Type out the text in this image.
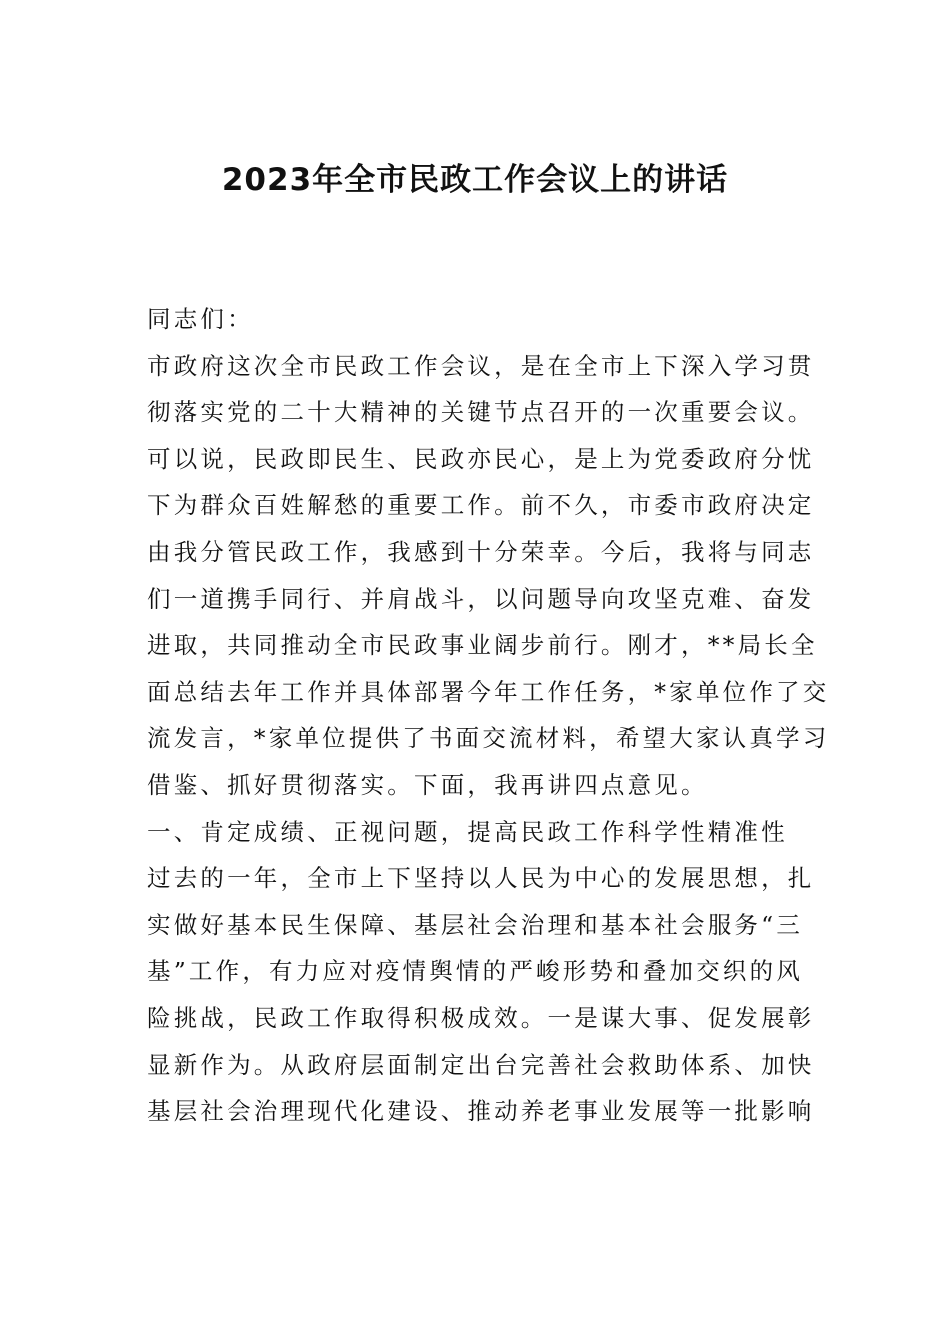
2023年全市民政工作会议上的讲话
同志们：
市政府这次全市民政工作会议，是在全市上下深入学习贯
彻落实党的二十大精神的关键节点召开的一次重要会议。
可以说，民政即民生、民政亦民心，是上为党委政府分忧
下为群众百姓解愁的重要工作。前不久，市委市政府决定
由我分管民政工作，我感到十分荣幸。今后，我将与同志
们一道携手同行、并肩战斗，以问题导向攻坚克难、奋发
进取，共同推动全市民政事业阔步前行。刚才，**局长全
面总结去年工作并具体部署今年工作任务，*家单位作了交
流发言，*家单位提供了书面交流材料，希望大家认真学习
借鉴、抓好贯彻落实。下面，我再讲四点意见。
一、肯定成绩、正视问题，提高民政工作科学性精准性
过去的一年，全市上下坚持以人民为中心的发展思想，扎
实做好基本民生保障、基层社会治理和基本社会服务“三
基”工作，有力应对疫情舆情的严峻形势和叠加交织的风
险挑战，民政工作取得积极成效。一是谋大事、促发展彰
显新作为。从政府层面制定出台完善社会救助体系、加快
基层社会治理现代化建设、推动养老事业发展等一批影响
